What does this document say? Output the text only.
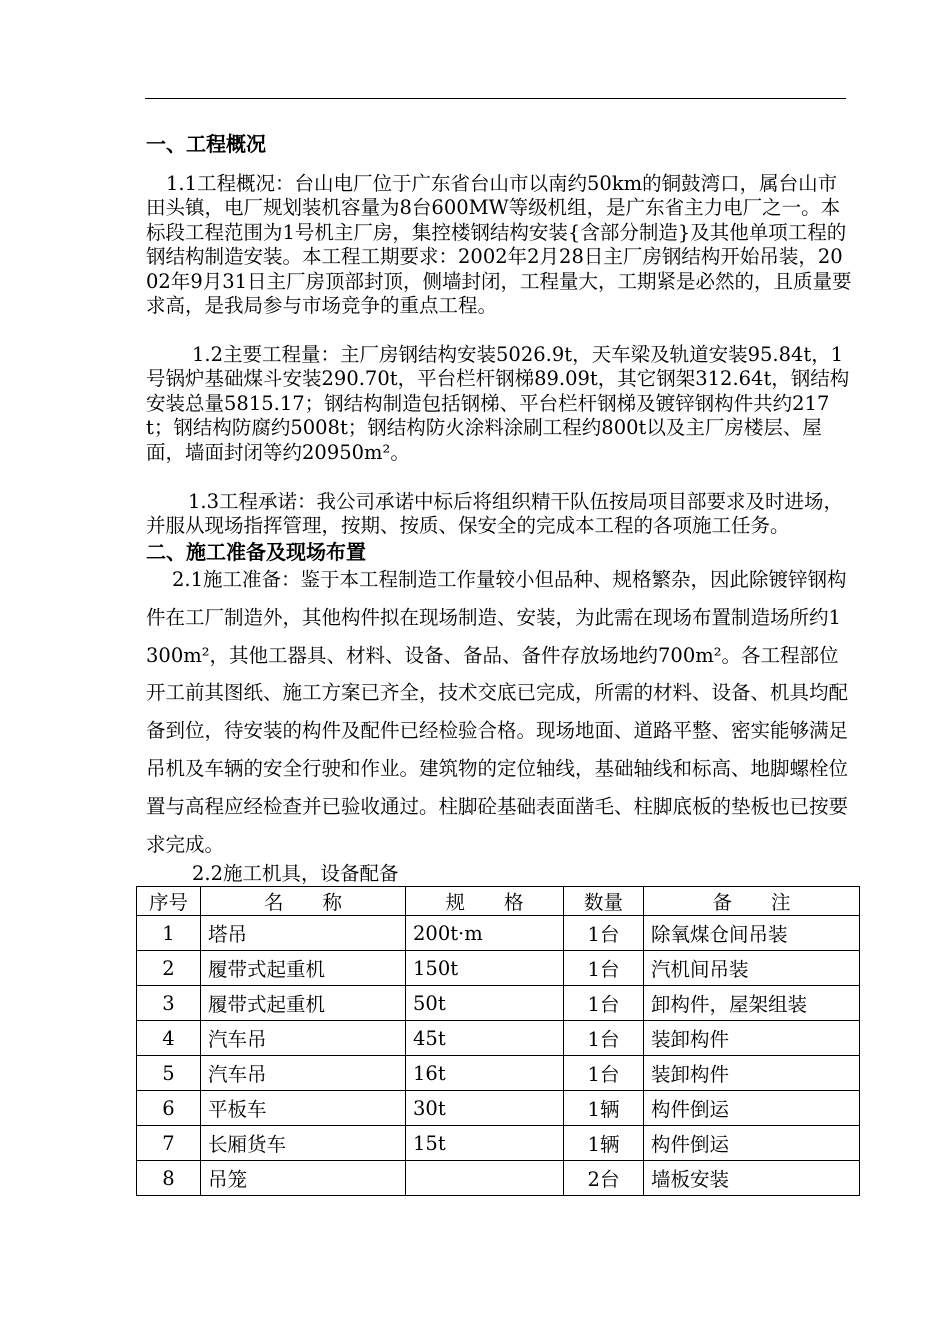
一、工程概况
1.1工程概况：台山电厂位于广东省台山市以南约50km的铜鼓湾口，属台山市田头镇，电厂规划装机容量为8台600MW等级机组，是广东省主力电厂之一。本标段工程范围为1号机主厂房，集控楼钢结构安装{含部分制造}及其他单项工程的钢结构制造安装。本工程工期要求：2002年2月28日主厂房钢结构开始吊装，2002年9月31日主厂房顶部封顶，侧墙封闭，工程量大，工期紧是必然的，且质量要求高，是我局参与市场竞争的重点工程。
1.2主要工程量：主厂房钢结构安装5026.9t，天车梁及轨道安装95.84t，1号锅炉基础煤斗安装290.70t，平台栏杆钢梯89.09t，其它钢架312.64t，钢结构安装总量5815.17；钢结构制造包括钢梯、平台栏杆钢梯及镀锌钢构件共约217t；钢结构防腐约5008t；钢结构防火涂料涂刷工程约800t以及主厂房楼层、屋面，墙面封闭等约20950m²。
1.3工程承诺：我公司承诺中标后将组织精干队伍按局项目部要求及时进场，并服从现场指挥管理，按期、按质、保安全的完成本工程的各项施工任务。
二、施工准备及现场布置
2.1施工准备：鉴于本工程制造工作量较小但品种、规格繁杂，因此除镀锌钢构件在工厂制造外，其他构件拟在现场制造、安装，为此需在现场布置制造场所约1300m²，其他工器具、材料、设备、备品、备件存放场地约700m²。各工程部位开工前其图纸、施工方案已齐全，技术交底已完成，所需的材料、设备、机具均配备到位，待安装的构件及配件已经检验合格。现场地面、道路平整、密实能够满足吊机及车辆的安全行驶和作业。建筑物的定位轴线，基础轴线和标高、地脚螺栓位置与高程应经检查并已验收通过。柱脚砼基础表面凿毛、柱脚底板的垫板也已按要求完成。
2.2施工机具，设备配备
序号	名　　称	规　　格	数量	备　　注
1	塔吊	200t·m	1台	除氧煤仓间吊装
2	履带式起重机	150t	1台	汽机间吊装
3	履带式起重机	50t	1台	卸构件，屋架组装
4	汽车吊	45t	1台	装卸构件
5	汽车吊	16t	1台	装卸构件
6	平板车	30t	1辆	构件倒运
7	长厢货车	15t	1辆	构件倒运
8	吊笼		2台	墙板安装
